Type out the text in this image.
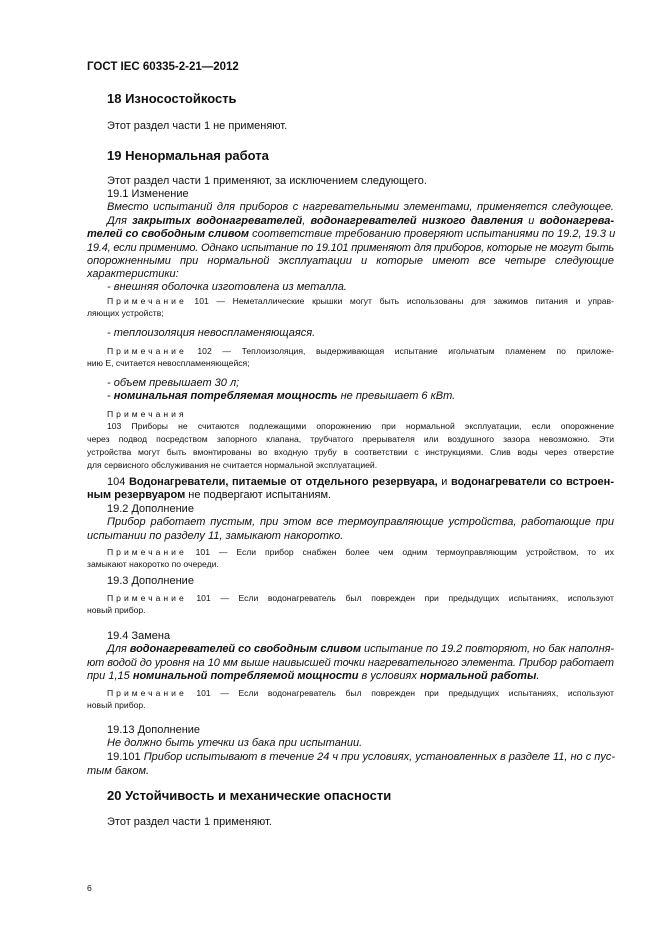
ГОСТ IEC 60335-2-21—2012
18 Износостойкость
Этот раздел части 1 не применяют.
19 Ненормальная работа
Этот раздел части 1 применяют, за исключением следующего.
19.1 Изменение
Вместо испытаний для приборов с нагревательными элементами, применяется следующее.
Для закрытых водонагревателей, водонагревателей низкого давления и водонагрева-
телей со свободным сливом соответствие требованию проверяют испытаниями по 19.2, 19.3 и
19.4, если применимо. Однако испытание по 19.101 применяют для приборов, которые не могут быть
опорожненными при нормальной эксплуатации и которые имеют все четыре следующие
характеристики:
- внешняя оболочка изготовлена из металла.
Примечание 101 — Неметаллические крышки могут быть использованы для зажимов питания и управ-
ляющих устройств;
- теплоизоляция невоспламеняющаяся.
Примечание 102 — Теплоизоляция, выдерживающая испытание игольчатым пламенем по приложе-
нию Е, считается невоспламеняющейся;
- объем превышает 30 л;
- номинальная потребляемая мощность не превышает 6 кВт.
Примечания
103 Приборы не считаются подлежащими опорожнению при нормальной эксплуатации, если опорожнение
через подвод посредством запорного клапана, трубчатого прерывателя или воздушного зазора невозможно. Эти
устройства могут быть вмонтированы во входную трубу в соответствии с инструкциями. Слив воды через отверстие
для сервисного обслуживания не считается нормальной эксплуатацией.
104 Водонагреватели, питаемые от отдельного резервуара, и водонагреватели со встроен-
ным резервуаром не подвергают испытаниям.
19.2 Дополнение
Прибор работает пустым, при этом все термоуправляющие устройства, работающие при
испытании по разделу 11, замыкают накоротко.
Примечание 101 — Если прибор снабжен более чем одним термоуправляющим устройством, то их
замыкают накоротко по очереди.
19.3 Дополнение
Примечание 101 — Если водонагреватель был поврежден при предыдущих испытаниях, используют
новый прибор.
19.4 Замена
Для водонагревателей со свободным сливом испытание по 19.2 повторяют, но бак наполня-
ют водой до уровня на 10 мм выше наивысшей точки нагревательного элемента. Прибор работает
при 1,15 номинальной потребляемой мощности в условиях нормальной работы.
Примечание 101 — Если водонагреватель был поврежден при предыдущих испытаниях, используют
новый прибор.
19.13 Дополнение
Не должно быть утечки из бака при испытании.
19.101 Прибор испытывают в течение 24 ч при условиях, установленных в разделе 11, но с пус-
тым баком.
20 Устойчивость и механические опасности
Этот раздел части 1 применяют.
6
